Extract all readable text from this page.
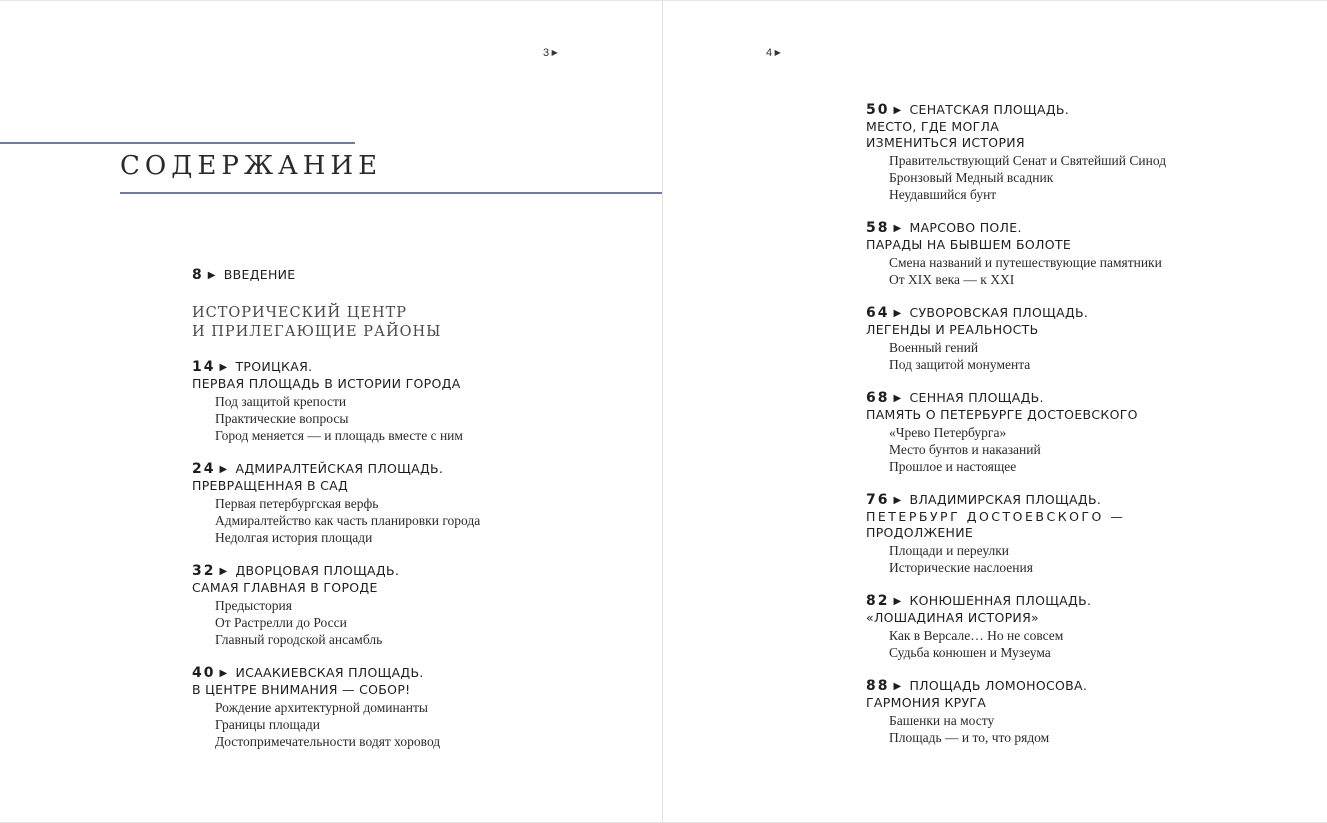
3 ▶	4 ▶
СОДЕРЖАНИЕ
8 ▶ ВВЕДЕНИЕ
ИСТОРИЧЕСКИЙ ЦЕНТР
И ПРИЛЕГАЮЩИЕ РАЙОНЫ
14 ▶ ТРОИЦКАЯ.
ПЕРВАЯ ПЛОЩАДЬ В ИСТОРИИ ГОРОДА
Под защитой крепости
Практические вопросы
Город меняется — и площадь вместе с ним
24 ▶ АДМИРАЛТЕЙСКАЯ ПЛОЩАДЬ.
ПРЕВРАЩЕННАЯ В САД
Первая петербургская верфь
Адмиралтейство как часть планировки города
Недолгая история площади
32 ▶ ДВОРЦОВАЯ ПЛОЩАДЬ.
САМАЯ ГЛАВНАЯ В ГОРОДЕ
Предыстория
От Растрелли до Росси
Главный городской ансамбль
40 ▶ ИСААКИЕВСКАЯ ПЛОЩАДЬ.
В ЦЕНТРЕ ВНИМАНИЯ — СОБОР!
Рождение архитектурной доминанты
Границы площади
Достопримечательности водят хоровод
50 ▶ СЕНАТСКАЯ ПЛОЩАДЬ.
МЕСТО, ГДЕ МОГЛА
ИЗМЕНИТЬСЯ ИСТОРИЯ
Правительствующий Сенат и Святейший Синод
Бронзовый Медный всадник
Неудавшийся бунт
58 ▶ МАРСОВО ПОЛЕ.
ПАРАДЫ НА БЫВШЕМ БОЛОТЕ
Смена названий и путешествующие памятники
От XIX века — к XXI
64 ▶ СУВОРОВСКАЯ ПЛОЩАДЬ.
ЛЕГЕНДЫ И РЕАЛЬНОСТЬ
Военный гений
Под защитой монумента
68 ▶ СЕННАЯ ПЛОЩАДЬ.
ПАМЯТЬ О ПЕТЕРБУРГЕ ДОСТОЕВСКОГО
«Чрево Петербурга»
Место бунтов и наказаний
Прошлое и настоящее
76 ▶ ВЛАДИМИРСКАЯ ПЛОЩАДЬ.
ПЕТЕРБУРГ ДОСТОЕВСКОГО —
ПРОДОЛЖЕНИЕ
Площади и переулки
Исторические наслоения
82 ▶ КОНЮШЕННАЯ ПЛОЩАДЬ.
«ЛОШАДИНАЯ ИСТОРИЯ»
Как в Версале… Но не совсем
Судьба конюшен и Музеума
88 ▶ ПЛОЩАДЬ ЛОМОНОСОВА.
ГАРМОНИЯ КРУГА
Башенки на мосту
Площадь — и то, что рядом
